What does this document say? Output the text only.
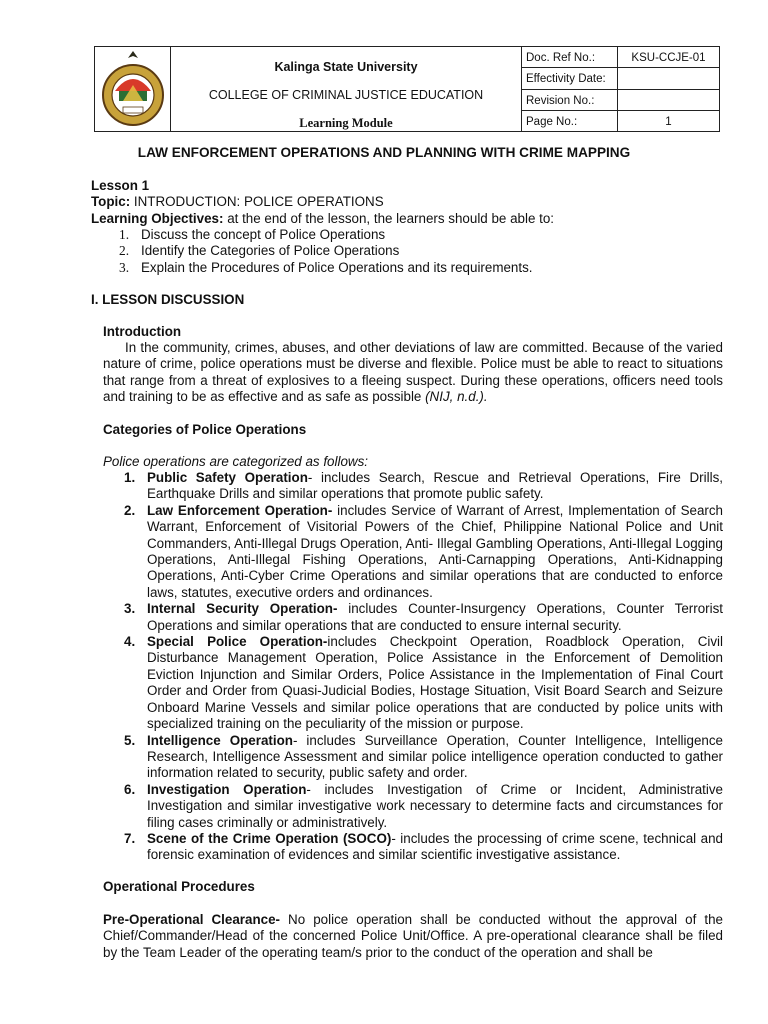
Kalinga State University
COLLEGE OF CRIMINAL JUSTICE EDUCATION
Learning Module
Doc. Ref No.:	KSU-CCJE-01
Effectivity Date:
Revision No.:
Page No.:	1
LAW ENFORCEMENT OPERATIONS AND PLANNING WITH CRIME MAPPING
Lesson 1
Topic: INTRODUCTION: POLICE OPERATIONS
Learning Objectives: at the end of the lesson, the learners should be able to:
1. Discuss the concept of Police Operations
2. Identify the Categories of Police Operations
3. Explain the Procedures of Police Operations and its requirements.
I. LESSON DISCUSSION
Introduction
In the community, crimes, abuses, and other deviations of law are committed. Because of the varied nature of crime, police operations must be diverse and flexible. Police must be able to react to situations that range from a threat of explosives to a fleeing suspect. During these operations, officers need tools and training to be as effective and as safe as possible (NIJ, n.d.).
Categories of Police Operations
Police operations are categorized as follows:
1. Public Safety Operation- includes Search, Rescue and Retrieval Operations, Fire Drills, Earthquake Drills and similar operations that promote public safety.
2. Law Enforcement Operation- includes Service of Warrant of Arrest, Implementation of Search Warrant, Enforcement of Visitorial Powers of the Chief, Philippine National Police and Unit Commanders, Anti-Illegal Drugs Operation, Anti- Illegal Gambling Operations, Anti-Illegal Logging Operations, Anti-Illegal Fishing Operations, Anti-Carnapping Operations, Anti-Kidnapping Operations, Anti-Cyber Crime Operations and similar operations that are conducted to enforce laws, statutes, executive orders and ordinances.
3. Internal Security Operation- includes Counter-Insurgency Operations, Counter Terrorist Operations and similar operations that are conducted to ensure internal security.
4. Special Police Operation-includes Checkpoint Operation, Roadblock Operation, Civil Disturbance Management Operation, Police Assistance in the Enforcement of Demolition Eviction Injunction and Similar Orders, Police Assistance in the Implementation of Final Court Order and Order from Quasi-Judicial Bodies, Hostage Situation, Visit Board Search and Seizure Onboard Marine Vessels and similar police operations that are conducted by police units with specialized training on the peculiarity of the mission or purpose.
5. Intelligence Operation- includes Surveillance Operation, Counter Intelligence, Intelligence Research, Intelligence Assessment and similar police intelligence operation conducted to gather information related to security, public safety and order.
6. Investigation Operation- includes Investigation of Crime or Incident, Administrative Investigation and similar investigative work necessary to determine facts and circumstances for filing cases criminally or administratively.
7. Scene of the Crime Operation (SOCO)- includes the processing of crime scene, technical and forensic examination of evidences and similar scientific investigative assistance.
Operational Procedures
Pre-Operational Clearance- No police operation shall be conducted without the approval of the Chief/Commander/Head of the concerned Police Unit/Office. A pre-operational clearance shall be filed by the Team Leader of the operating team/s prior to the conduct of the operation and shall be
